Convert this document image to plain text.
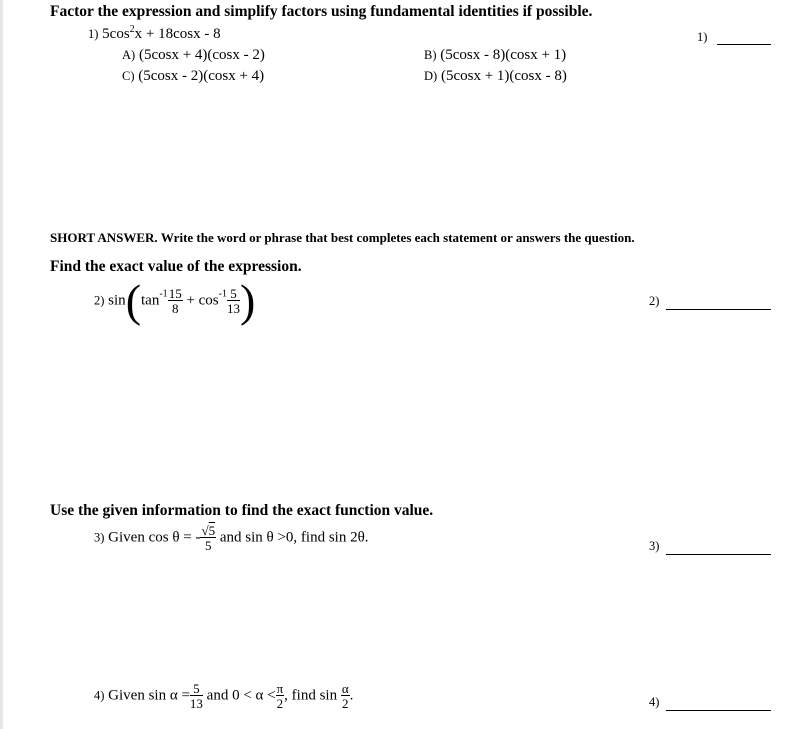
Factor the expression and simplify factors using fundamental identities if possible.
1) $5\cos^2x + 18\cos x - 8$
A) (5cosx + 4)(cosx - 2)	B) (5cosx - 8)(cosx + 1)
C) (5cosx - 2)(cosx + 4)	D) (5cosx + 1)(cosx - 8)
1)
SHORT ANSWER. Write the word or phrase that best completes each statement or answers the question.
Find the exact value of the expression.
2) $\sin(\tan^{-1} \frac{15}{8} + \cos^{-1} \frac{5}{13}$ )	2)
Use the given information to find the exact function value.
3) Given cos θ = - $\frac{√5}{5}$ and sin θ >0, find sin 2θ.
3)
4) Given $\sin \alpha = \frac{5}{13}$ and $0 < \alpha < \frac{\pi}{2}$ , find $\sin \frac{\alpha}{2}$ .	4)
